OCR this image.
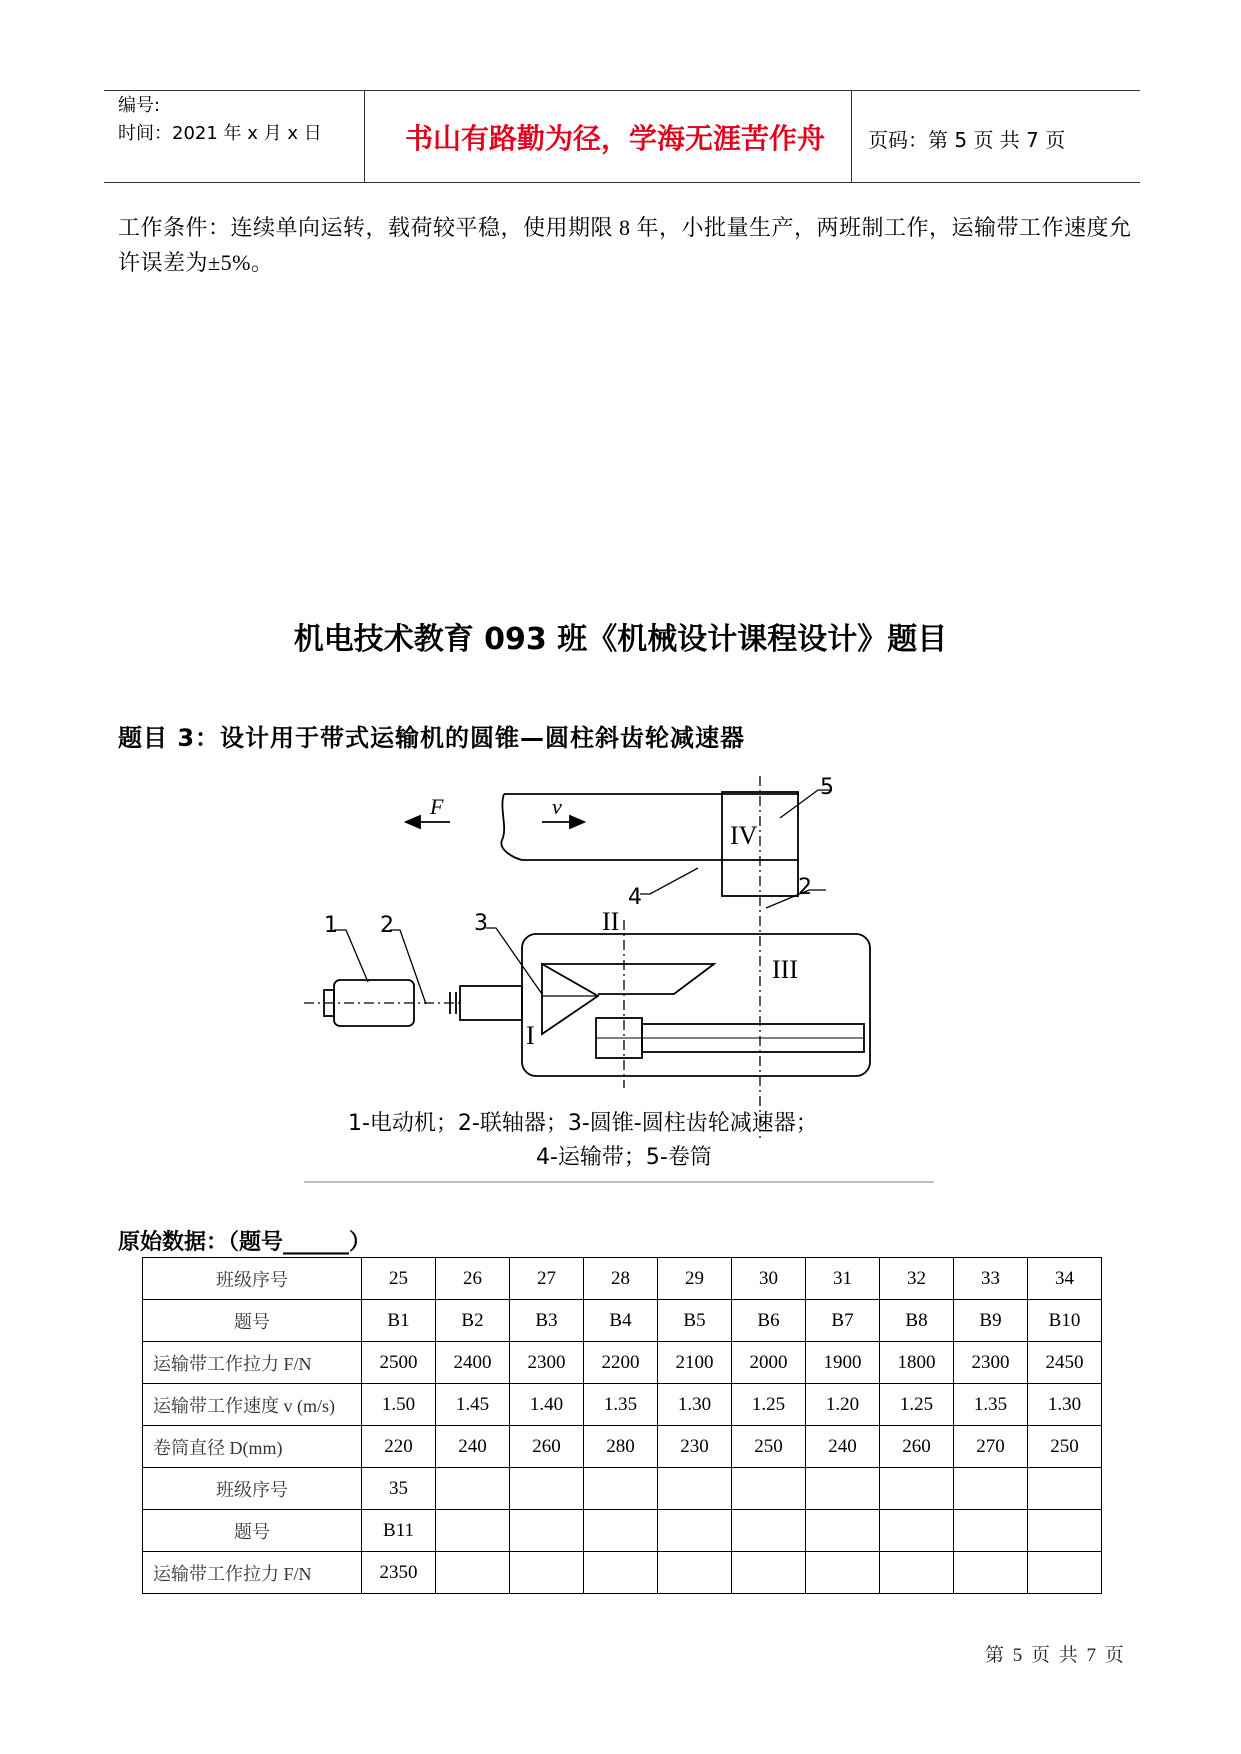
编号:
时间：2021 年 x 月 x 日	书山有路勤为径，学海无涯苦作舟	页码：第 5 页 共 7 页
工作条件：连续单向运转，载荷较平稳，使用期限 8 年，小批量生产，两班制工作，运输带工作速度允许误差为±5%。
机电技术教育 093 班《机械设计课程设计》题目
题目 3：设计用于带式运输机的圆锥—圆柱斜齿轮减速器
F	v
IV
II
III
I
1 2
2
3
4
5
1-电动机；2-联轴器；3-圆锥-圆柱齿轮减速器；
4-运输带；5-卷筒
原始数据：（题号______）
班级序号	25	26	27	28	29	30	31	32	33	34
题号	B1	B2	B3	B4	B5	B6	B7	B8	B9	B10
运输带工作拉力 F/N	2500	2400	2300	2200	2100	2000	1900	1800	2300	2450
运输带工作速度 v (m/s)	1.50	1.45	1.40	1.35	1.30	1.25	1.20	1.25	1.35	1.30
卷筒直径 D(mm)	220	240	260	280	230	250	240	260	270	250
班级序号	35									
题号	B11									
运输带工作拉力 F/N	2350									
第 5 页 共 7 页
